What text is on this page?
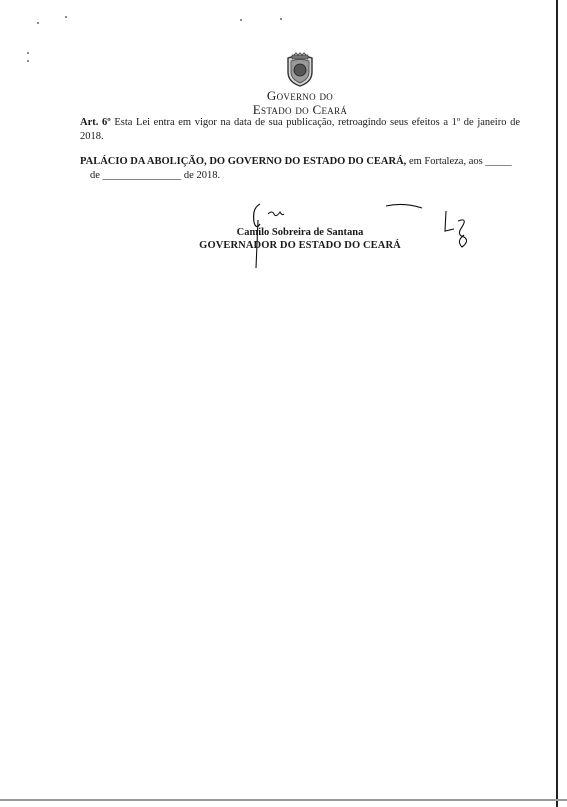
Governo do
Estado do Ceará
Art. 6º Esta Lei entra em vigor na data de sua publicação, retroagindo seus efeitos a 1º de janeiro de 2018.
PALÁCIO DA ABOLIÇÃO, DO GOVERNO DO ESTADO DO CEARÁ, em Fortaleza, aos _____
de _______________ de 2018.
Camilo Sobreira de Santana
GOVERNADOR DO ESTADO DO CEARÁ
